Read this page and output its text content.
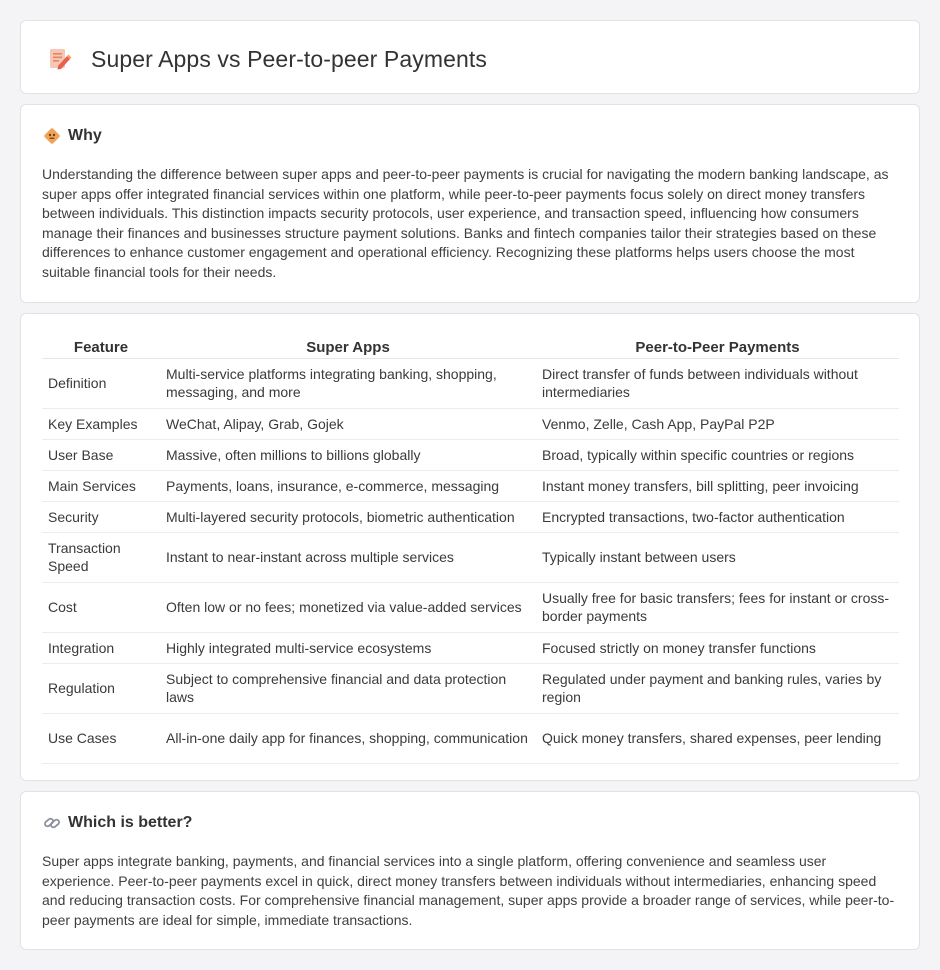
Super Apps vs Peer-to-peer Payments
Why

Understanding the difference between super apps and peer-to-peer payments is crucial for navigating the modern banking landscape, as super apps offer integrated financial services within one platform, while peer-to-peer payments focus solely on direct money transfers between individuals. This distinction impacts security protocols, user experience, and transaction speed, influencing how consumers manage their finances and businesses structure payment solutions. Banks and fintech companies tailor their strategies based on these differences to enhance customer engagement and operational efficiency. Recognizing these platforms helps users choose the most suitable financial tools for their needs.

Feature	Super Apps	Peer-to-Peer Payments
Definition	Multi-service platforms integrating banking, shopping, messaging, and more	Direct transfer of funds between individuals without intermediaries
Key Examples	WeChat, Alipay, Grab, Gojek	Venmo, Zelle, Cash App, PayPal P2P
User Base	Massive, often millions to billions globally	Broad, typically within specific countries or regions
Main Services	Payments, loans, insurance, e-commerce, messaging	Instant money transfers, bill splitting, peer invoicing
Security	Multi-layered security protocols, biometric authentication	Encrypted transactions, two-factor authentication
Transaction Speed	Instant to near-instant across multiple services	Typically instant between users
Cost	Often low or no fees; monetized via value-added services	Usually free for basic transfers; fees for instant or cross-border payments
Integration	Highly integrated multi-service ecosystems	Focused strictly on money transfer functions
Regulation	Subject to comprehensive financial and data protection laws	Regulated under payment and banking rules, varies by region
Use Cases	All-in-one daily app for finances, shopping, communication	Quick money transfers, shared expenses, peer lending
Which is better?

Super apps integrate banking, payments, and financial services into a single platform, offering convenience and seamless user experience. Peer-to-peer payments excel in quick, direct money transfers between individuals without intermediaries, enhancing speed and reducing transaction costs. For comprehensive financial management, super apps provide a broader range of services, while peer-to-peer payments are ideal for simple, immediate transactions.
